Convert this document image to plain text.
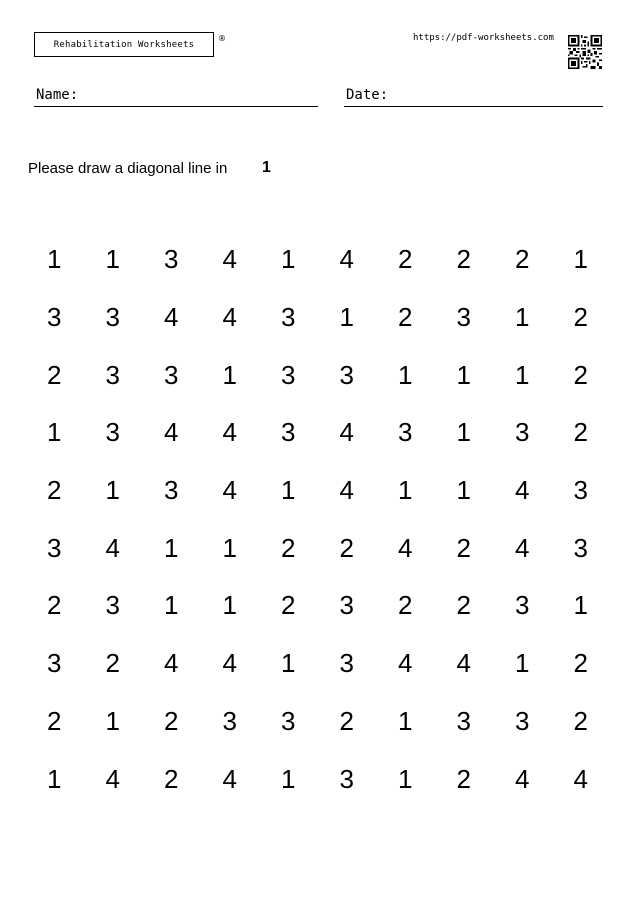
Rehabilitation Worksheets
®	https://pdf-worksheets.com
Name:	Date:
Please draw a diagonal line in 1
1	1	3	4	1	4	2	2	2	1
3	3	4	4	3	1	2	3	1	2
2	3	3	1	3	3	1	1	1	2
1	3	4	4	3	4	3	1	3	2
2	1	3	4	1	4	1	1	4	3
3	4	1	1	2	2	4	2	4	3
2	3	1	1	2	3	2	2	3	1
3	2	4	4	1	3	4	4	1	2
2	1	2	3	3	2	1	3	3	2
1	4	2	4	1	3	1	2	4	4
